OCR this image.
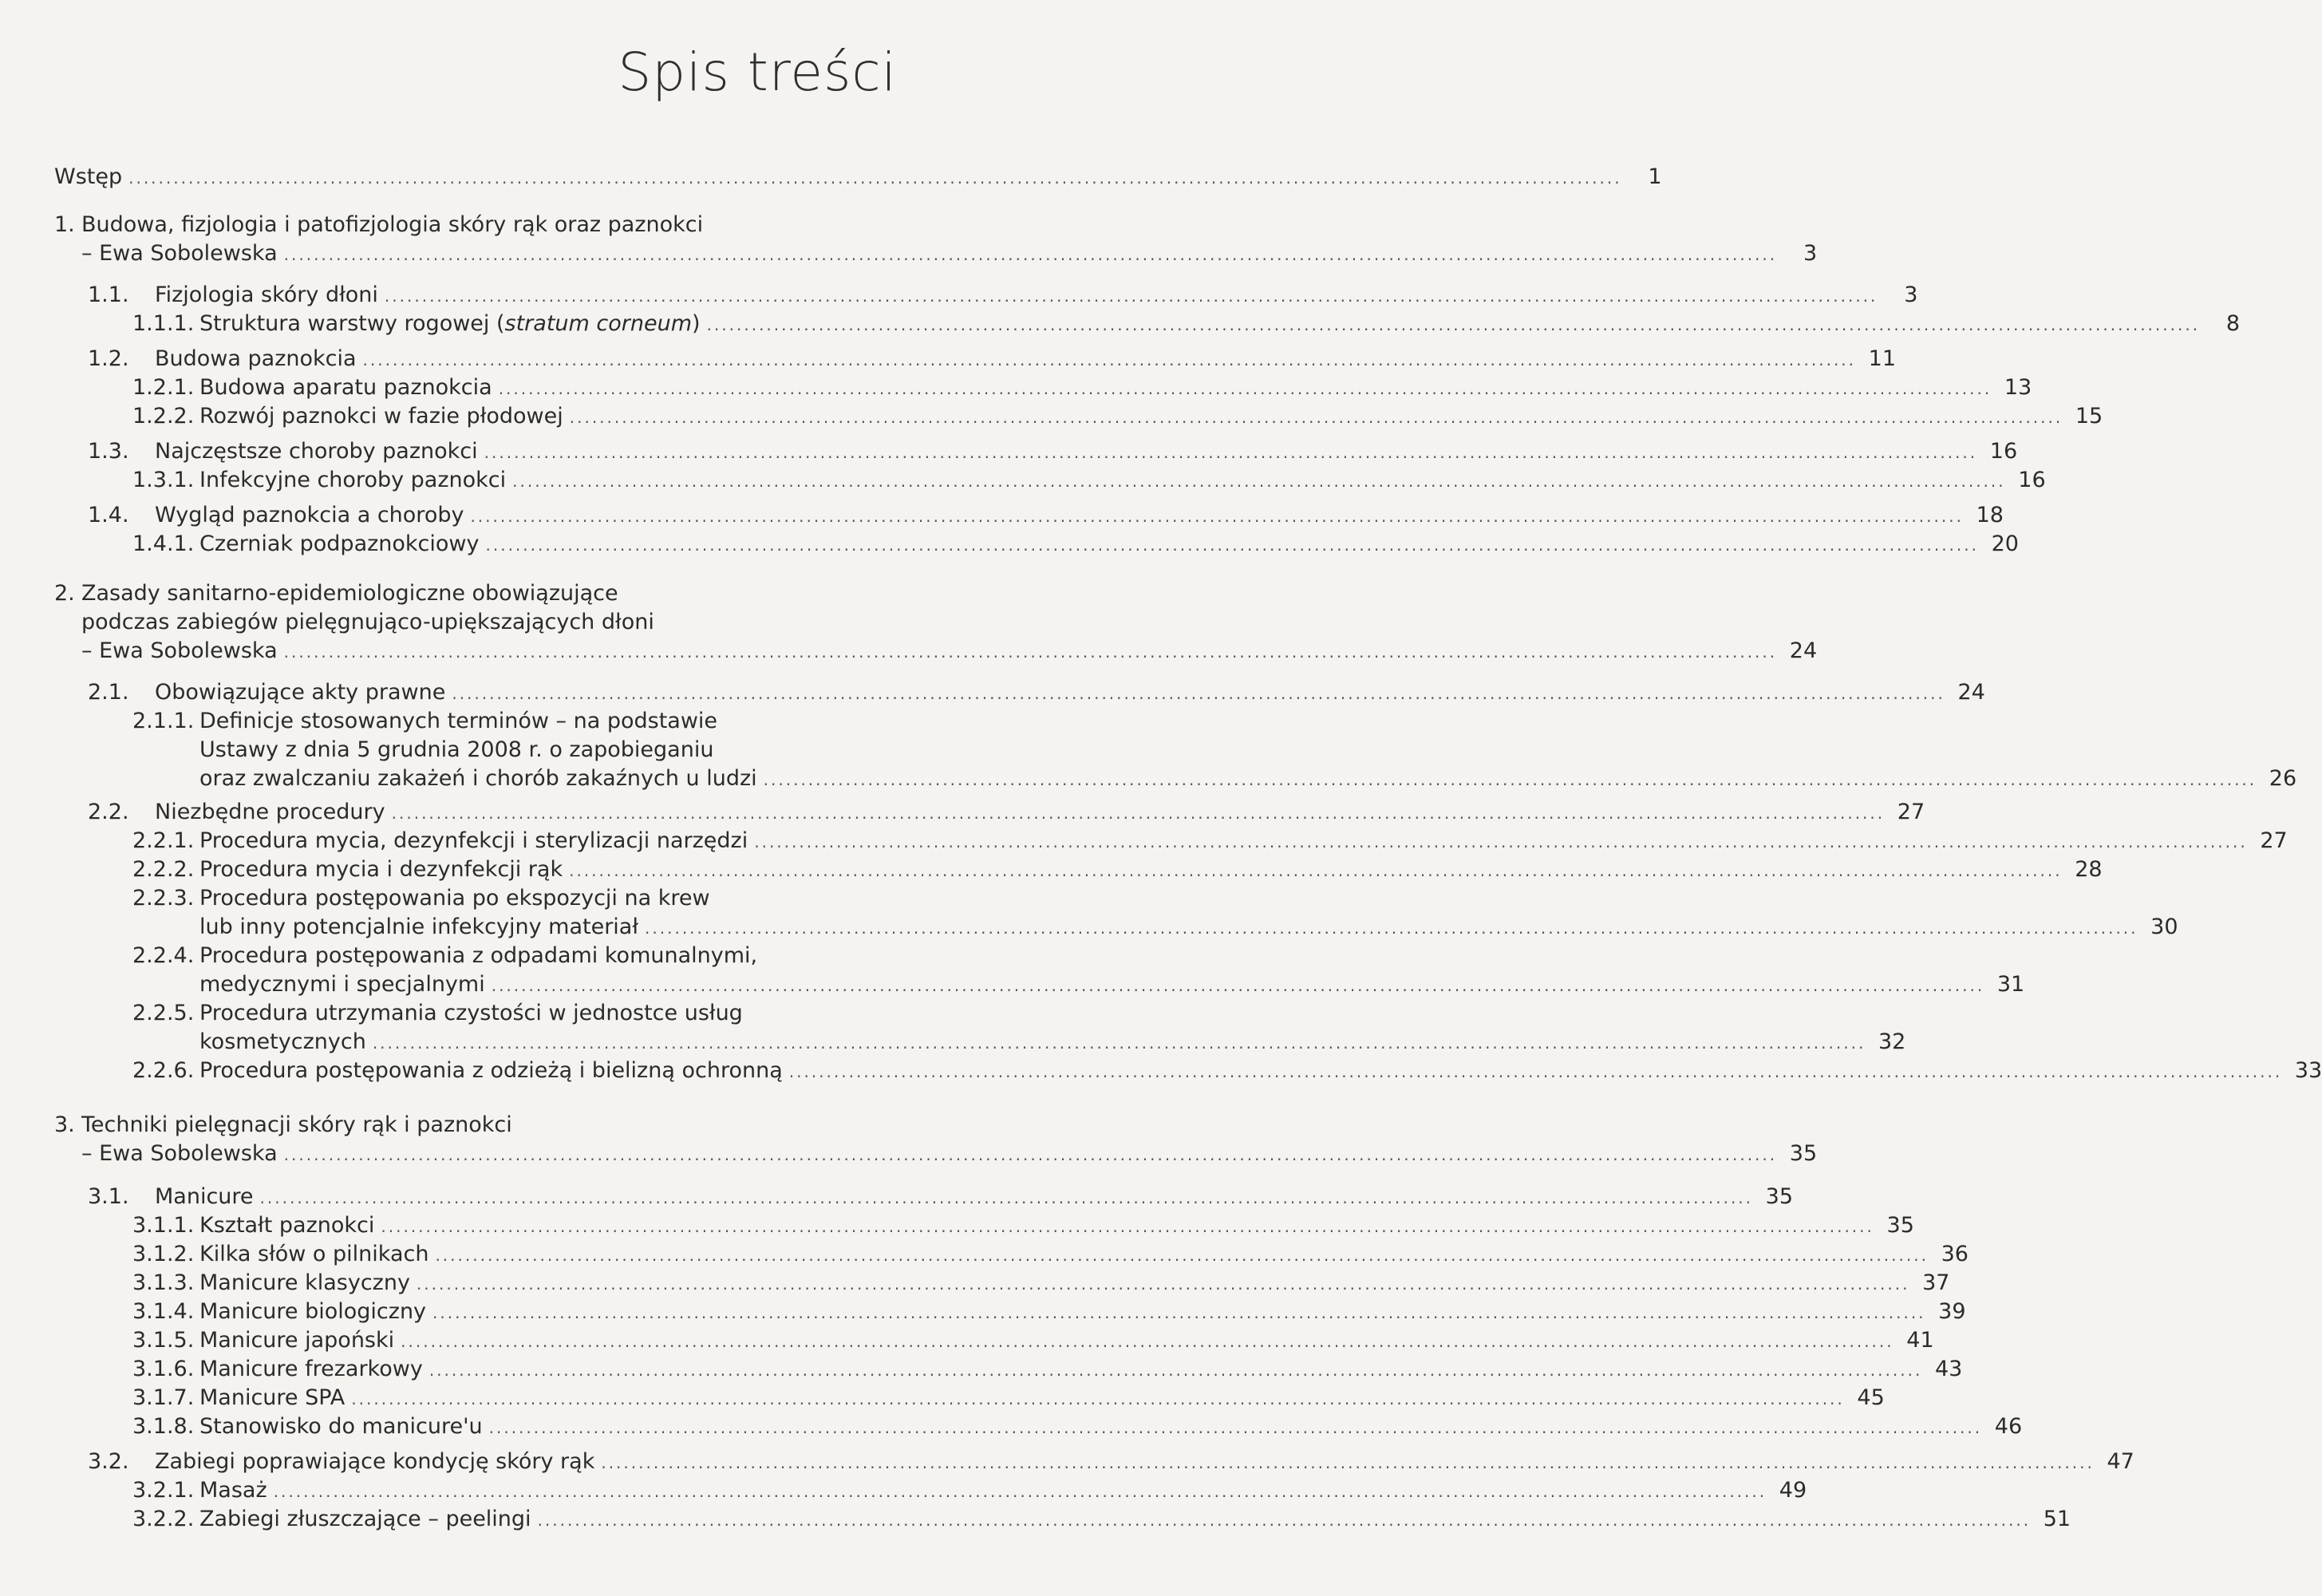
Spis treści
Wstęp ........................................................................................................................................................................................................	1
1. Budowa, fizjologia i patofizjologia skóry rąk oraz paznokci
– Ewa Sobolewska ........................................................................................................................................................................................................	3
1.1. Fizjologia skóry dłoni ........................................................................................................................................................................................................	3
1.1.1. Struktura warstwy rogowej (stratum corneum) ........................................................................................................................................................................................................	8
1.2. Budowa paznokcia ........................................................................................................................................................................................................ 11
1.2.1. Budowa aparatu paznokcia ........................................................................................................................................................................................................ 13
1.2.2. Rozwój paznokci w fazie płodowej ........................................................................................................................................................................................................ 15
1.3. Najczęstsze choroby paznokci ........................................................................................................................................................................................................ 16
1.3.1. Infekcyjne choroby paznokci ........................................................................................................................................................................................................ 16
1.4. Wygląd paznokcia a choroby ........................................................................................................................................................................................................ 18
1.4.1. Czerniak podpaznokciowy ........................................................................................................................................................................................................ 20
2. Zasady sanitarno-epidemiologiczne obowiązujące
podczas zabiegów pielęgnująco-upiększających dłoni
– Ewa Sobolewska ........................................................................................................................................................................................................ 24
2.1. Obowiązujące akty prawne ........................................................................................................................................................................................................ 24
2.1.1. Definicje stosowanych terminów – na podstawie
Ustawy z dnia 5 grudnia 2008 r. o zapobieganiu
oraz zwalczaniu zakażeń i chorób zakaźnych u ludzi ........................................................................................................................................................................................................ 26
2.2. Niezbędne procedury ........................................................................................................................................................................................................ 27
2.2.1. Procedura mycia, dezynfekcji i sterylizacji narzędzi ........................................................................................................................................................................................................ 27
2.2.2. Procedura mycia i dezynfekcji rąk ........................................................................................................................................................................................................ 28
2.2.3. Procedura postępowania po ekspozycji na krew
lub inny potencjalnie infekcyjny materiał ........................................................................................................................................................................................................ 30
2.2.4. Procedura postępowania z odpadami komunalnymi,
medycznymi i specjalnymi ........................................................................................................................................................................................................ 31
2.2.5. Procedura utrzymania czystości w jednostce usług
kosmetycznych ........................................................................................................................................................................................................ 32
2.2.6. Procedura postępowania z odzieżą i bielizną ochronną ........................................................................................................................................................................................................ 33
3. Techniki pielęgnacji skóry rąk i paznokci
– Ewa Sobolewska ........................................................................................................................................................................................................ 35
3.1. Manicure ........................................................................................................................................................................................................ 35
3.1.1. Kształt paznokci ........................................................................................................................................................................................................ 35
3.1.2. Kilka słów o pilnikach ........................................................................................................................................................................................................ 36
3.1.3. Manicure klasyczny ........................................................................................................................................................................................................ 37
3.1.4. Manicure biologiczny ........................................................................................................................................................................................................ 39
3.1.5. Manicure japoński ........................................................................................................................................................................................................ 41
3.1.6. Manicure frezarkowy ........................................................................................................................................................................................................ 43
3.1.7. Manicure SPA ........................................................................................................................................................................................................ 45
3.1.8. Stanowisko do manicure'u ........................................................................................................................................................................................................ 46
3.2. Zabiegi poprawiające kondycję skóry rąk ........................................................................................................................................................................................................ 47
3.2.1. Masaż ........................................................................................................................................................................................................ 49
3.2.2. Zabiegi złuszczające – peelingi ........................................................................................................................................................................................................ 51
